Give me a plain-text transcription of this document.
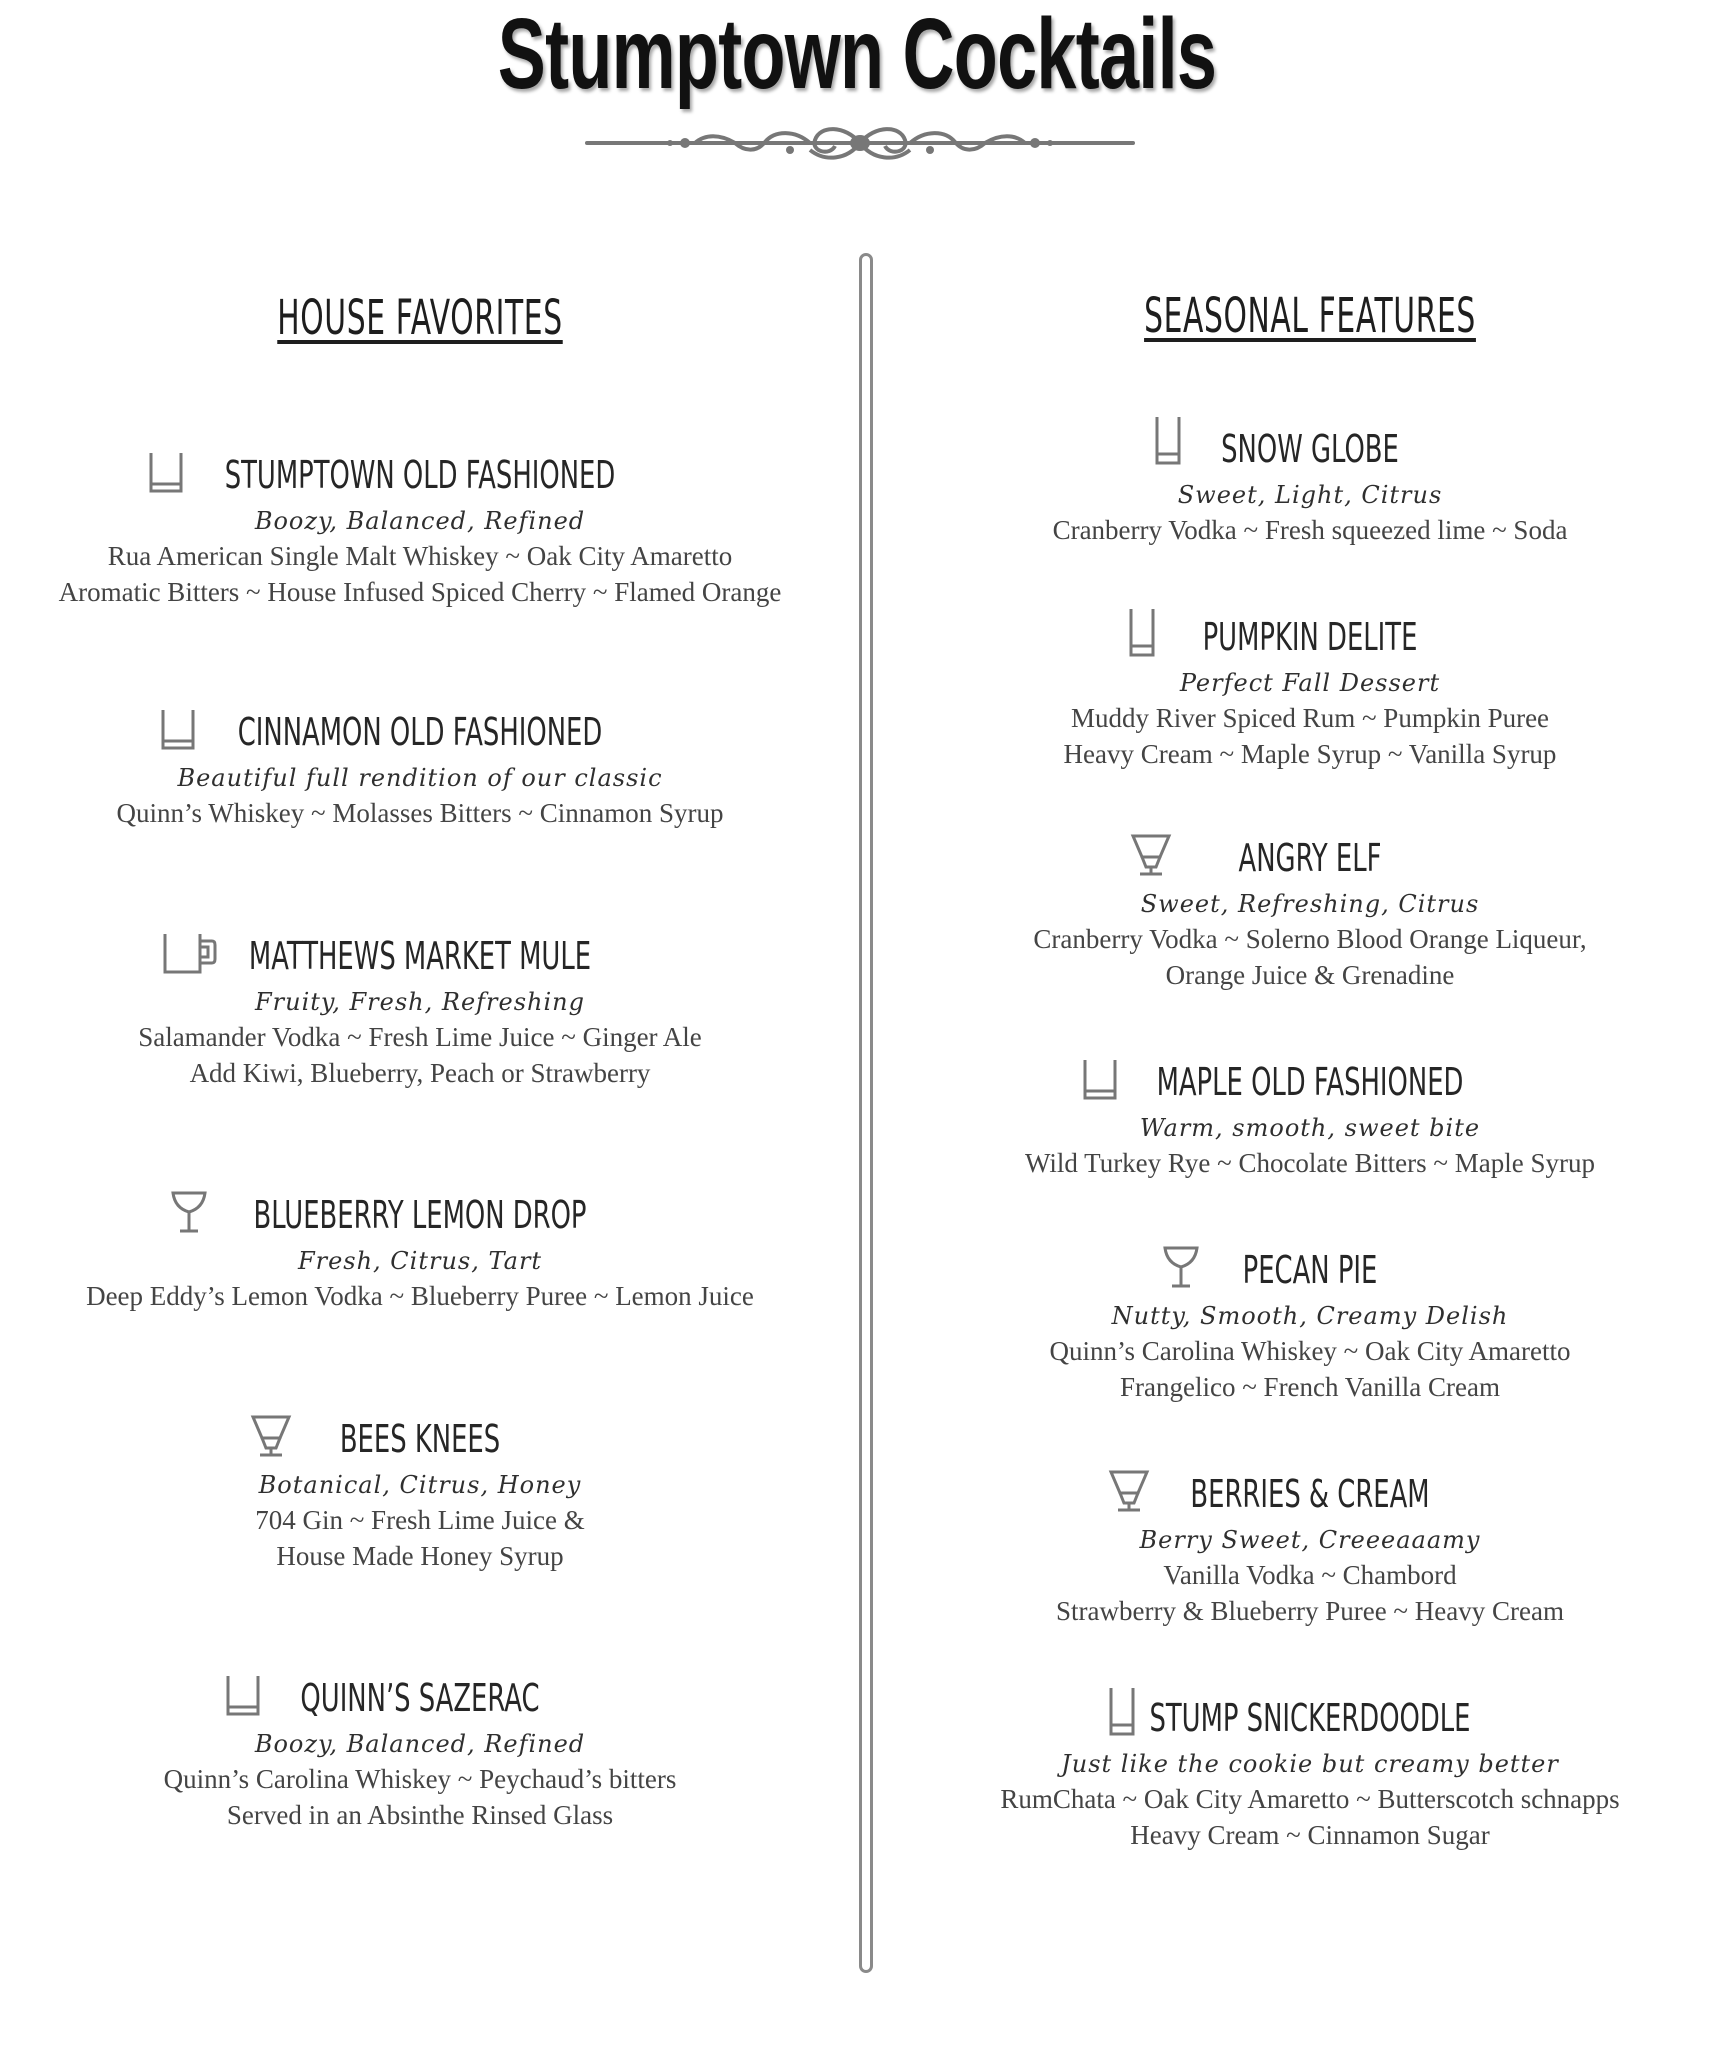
Stumptown Cocktails
HOUSE FAVORITES
STUMPTOWN OLD FASHIONED
Boozy, Balanced, Refined
Rua American Single Malt Whiskey ~ Oak City Amaretto
Aromatic Bitters ~ House Infused Spiced Cherry ~ Flamed Orange
CINNAMON OLD FASHIONED
Beautiful full rendition of our classic
Quinn’s Whiskey ~ Molasses Bitters ~ Cinnamon Syrup
MATTHEWS MARKET MULE
Fruity, Fresh, Refreshing
Salamander Vodka ~ Fresh Lime Juice ~ Ginger Ale
Add Kiwi, Blueberry, Peach or Strawberry
BLUEBERRY LEMON DROP
Fresh, Citrus, Tart
Deep Eddy’s Lemon Vodka ~ Blueberry Puree ~ Lemon Juice
BEES KNEES
Botanical, Citrus, Honey
704 Gin ~ Fresh Lime Juice &
House Made Honey Syrup
QUINN’S SAZERAC
Boozy, Balanced, Refined
Quinn’s Carolina Whiskey ~ Peychaud’s bitters
Served in an Absinthe Rinsed Glass
SEASONAL FEATURES
SNOW GLOBE
Sweet, Light, Citrus
Cranberry Vodka ~ Fresh squeezed lime ~ Soda
PUMPKIN DELITE
Perfect Fall Dessert
Muddy River Spiced Rum ~ Pumpkin Puree
Heavy Cream ~ Maple Syrup ~ Vanilla Syrup
ANGRY ELF
Sweet, Refreshing, Citrus
Cranberry Vodka ~ Solerno Blood Orange Liqueur,
Orange Juice & Grenadine
MAPLE OLD FASHIONED
Warm, smooth, sweet bite
Wild Turkey Rye ~ Chocolate Bitters ~ Maple Syrup
PECAN PIE
Nutty, Smooth, Creamy Delish
Quinn’s Carolina Whiskey ~ Oak City Amaretto
Frangelico ~ French Vanilla Cream
BERRIES & CREAM
Berry Sweet, Creeeaaamy
Vanilla Vodka ~ Chambord
Strawberry & Blueberry Puree ~ Heavy Cream
STUMP SNICKERDOODLE
Just like the cookie but creamy better
RumChata ~ Oak City Amaretto ~ Butterscotch schnapps
Heavy Cream ~ Cinnamon Sugar
